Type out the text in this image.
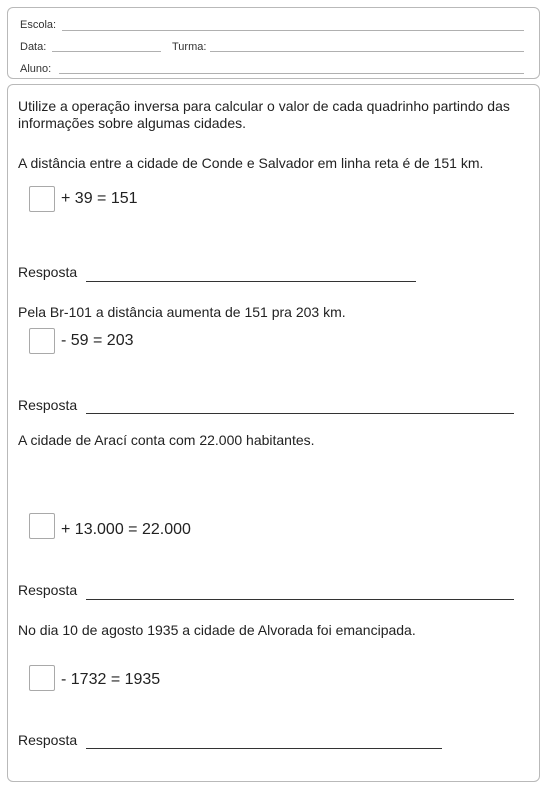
Escola:
Data:	Turma:
Aluno:
Utilize a operação inversa para calcular o valor de cada quadrinho partindo das informações sobre algumas cidades.
A distância entre a cidade de Conde e Salvador em linha reta é de 151 km.
+ 39 = 151
Resposta
Pela Br-101 a distância aumenta de 151 pra 203 km.
- 59 = 203
Resposta
A cidade de Arací conta com 22.000 habitantes.
+ 13.000 = 22.000
Resposta
No dia 10 de agosto 1935 a cidade de Alvorada foi emancipada.
- 1732 = 1935
Resposta
